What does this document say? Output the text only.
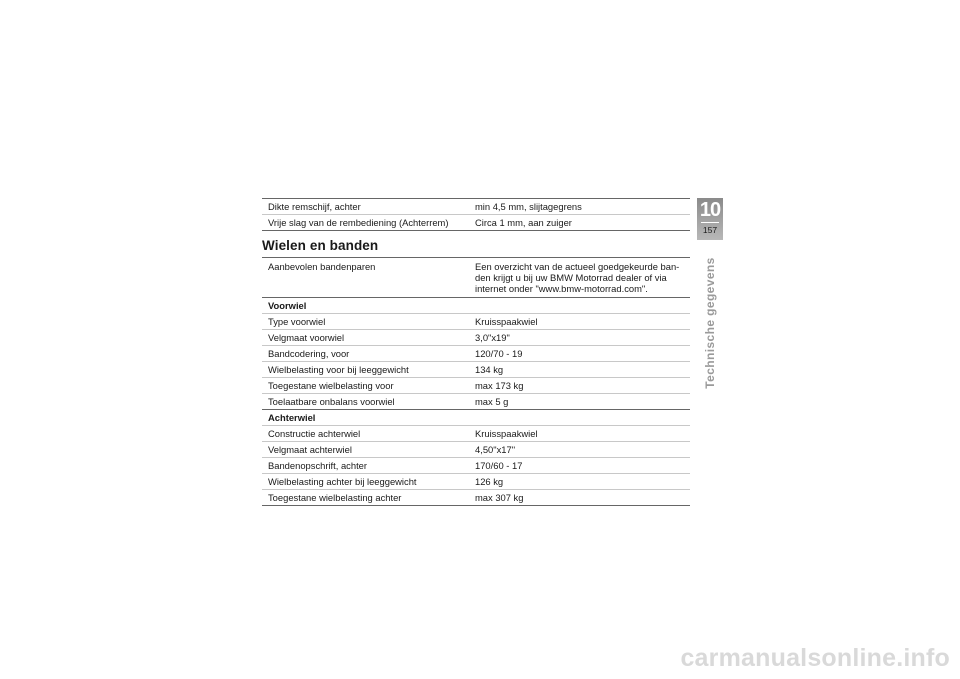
Dikte remschijf, achter	min 4,5 mm, slijtagegrens
Vrije slag van de rembediening (Achterrem)	Circa 1 mm, aan zuiger
Wielen en banden
Aanbevolen bandenparen	Een overzicht van de actueel goedgekeurde ban-
den krijgt u bij uw BMW Motorrad dealer of via
internet onder "www.bmw-motorrad.com".

Voorwiel	
Type voorwiel	Kruisspaakwiel
Velgmaat voorwiel	3,0"x19"
Bandcodering, voor	120/70 - 19
Wielbelasting voor bij leeggewicht	134 kg
Toegestane wielbelasting voor	max 173 kg
Toelaatbare onbalans voorwiel	max 5 g
Achterwiel	
Constructie achterwiel	Kruisspaakwiel
Velgmaat achterwiel	4,50"x17"
Bandenopschrift, achter	170/60 - 17
Wielbelasting achter bij leeggewicht	126 kg
Toegestane wielbelasting achter	max 307 kg
10
157
Technische gegevens
carmanualsonline.info
